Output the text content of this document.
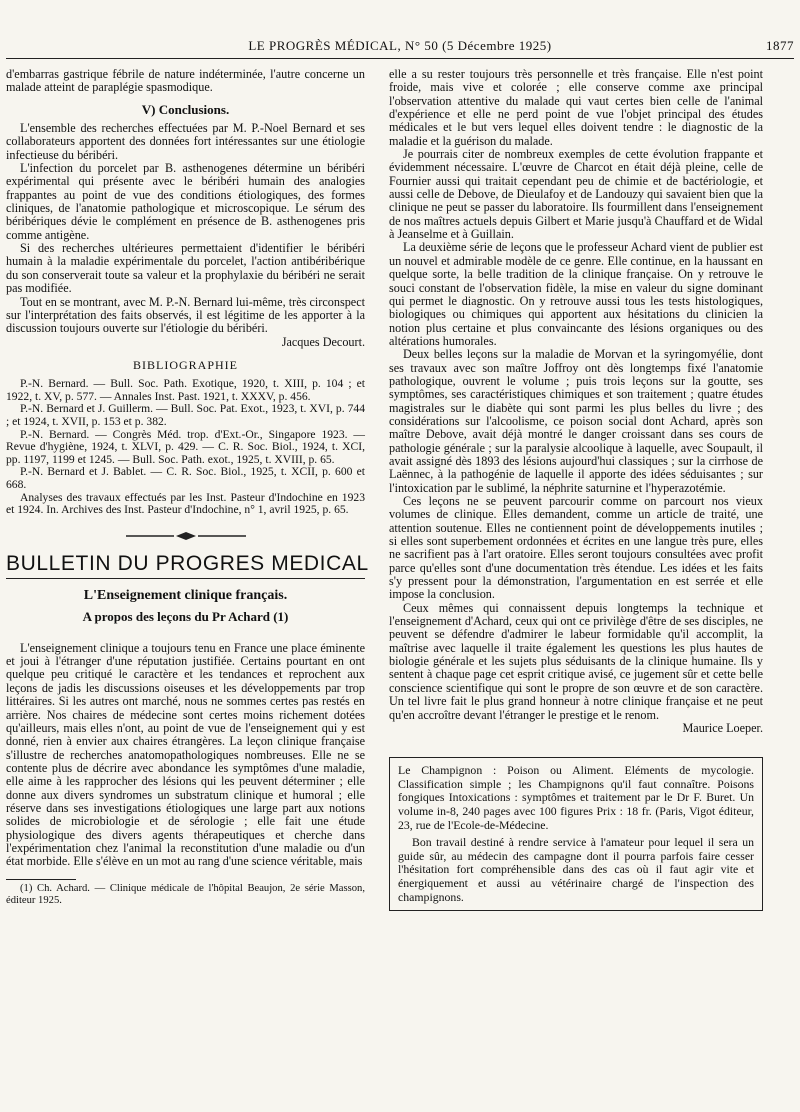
LE PROGRÈS MÉDICAL, N° 50 (5 Décembre 1925)	1877

d'embarras gastrique fébrile de nature indéterminée, l'autre concerne un malade atteint de paraplégie spasmodique.

V) Conclusions.

L'ensemble des recherches effectuées par M. P.-Noel Bernard et ses collaborateurs apportent des données fort intéressantes sur une étiologie infectieuse du béribéri.

L'infection du porcelet par B. asthenogenes détermine un béribéri expérimental qui présente avec le béribéri humain des analogies frappantes au point de vue des conditions étiologiques, des formes cliniques, de l'anatomie pathologique et microscopique. Le sérum des béribériques dévie le complément en présence de B. asthenogenes pris comme antigène.

Si des recherches ultérieures permettaient d'identifier le béribéri humain à la maladie expérimentale du porcelet, l'action antibéribérique du son conserverait toute sa valeur et la prophylaxie du béribéri ne serait pas modifiée.

Tout en se montrant, avec M. P.-N. Bernard lui-même, très circonspect sur l'interprétation des faits observés, il est légitime de les apporter à la discussion toujours ouverte sur l'étiologie du béribéri.

Jacques Decourt.

BIBLIOGRAPHIE

P.-N. Bernard. — Bull. Soc. Path. Exotique, 1920, t. XIII, p. 104 ; et 1922, t. XV, p. 577. — Annales Inst. Past. 1921, t. XXXV, p. 456.

P.-N. Bernard et J. Guillerm. — Bull. Soc. Pat. Exot., 1923, t. XVI, p. 744 ; et 1924, t. XVII, p. 153 et p. 382.

P.-N. Bernard. — Congrès Méd. trop. d'Ext.-Or., Singapore 1923. — Revue d'hygiène, 1924, t. XLVI, p. 429. — C. R. Soc. Biol., 1924, t. XCI, pp. 1197, 1199 et 1245. — Bull. Soc. Path. exot., 1925, t. XVIII, p. 65.

P.-N. Bernard et J. Bablet. — C. R. Soc. Biol., 1925, t. XCII, p. 600 et 668.

Analyses des travaux effectués par les Inst. Pasteur d'Indochine en 1923 et 1924. In. Archives des Inst. Pasteur d'Indochine, n° 1, avril 1925, p. 65.

BULLETIN DU PROGRES MEDICAL
L'Enseignement clinique français.
A propos des leçons du Pr Achard (1)

L'enseignement clinique a toujours tenu en France une place éminente et joui à l'étranger d'une réputation justifiée. Certains pourtant en ont quelque peu critiqué le caractère et les tendances et reprochent aux leçons de jadis les discussions oiseuses et les développements par trop littéraires. Si les autres ont marché, nous ne sommes certes pas restés en arrière. Nos chaires de médecine sont certes moins richement dotées qu'ailleurs, mais elles n'ont, au point de vue de l'enseignement qui y est donné, rien à envier aux chaires étrangères. La leçon clinique française s'illustre de recherches anatomopathologiques nombreuses. Elle ne se contente plus de décrire avec abondance les symptômes d'une maladie, elle aime à les rapprocher des lésions qui les peuvent déterminer ; elle donne aux divers syndromes un substratum clinique et humoral ; elle réserve dans ses investigations étiologiques une large part aux notions solides de microbiologie et de sérologie ; elle fait une étude physiologique des divers agents thérapeutiques et cherche dans l'expérimentation chez l'animal la reconstitution d'une maladie ou d'un état morbide. Elle s'élève en un mot au rang d'une science véritable, mais

(1) Ch. Achard. — Clinique médicale de l'hôpital Beaujon, 2e série Masson, éditeur 1925.

elle a su rester toujours très personnelle et très française. Elle n'est point froide, mais vive et colorée ; elle conserve comme axe principal l'observation attentive du malade qui vaut certes bien celle de l'animal d'expérience et elle ne perd point de vue l'objet principal des études médicales et le but vers lequel elles doivent tendre : le diagnostic de la maladie et la guérison du malade.

Je pourrais citer de nombreux exemples de cette évolution frappante et évidemment nécessaire. L'œuvre de Charcot en était déjà pleine, celle de Fournier aussi qui traitait cependant peu de chimie et de bactériologie, et aussi celle de Debove, de Dieulafoy et de Landouzy qui savaient bien que la clinique ne peut se passer du laboratoire. Ils fourmillent dans l'enseignement de nos maîtres actuels depuis Gilbert et Marie jusqu'à Chauffard et de Widal à Jeanselme et à Guillain.

La deuxième série de leçons que le professeur Achard vient de publier est un nouvel et admirable modèle de ce genre. Elle continue, en la haussant en quelque sorte, la belle tradition de la clinique française. On y retrouve le souci constant de l'observation fidèle, la mise en valeur du signe dominant qui permet le diagnostic. On y retrouve aussi tous les tests histologiques, biologiques ou chimiques qui apportent aux hésitations du clinicien la notion plus certaine et plus convaincante des lésions organiques ou des altérations humorales.

Deux belles leçons sur la maladie de Morvan et la syringomyélie, dont ses travaux avec son maître Joffroy ont dès longtemps fixé l'anatomie pathologique, ouvrent le volume ; puis trois leçons sur la goutte, ses symptômes, ses caractéristiques chimiques et son traitement ; quatre études magistrales sur le diabète qui sont parmi les plus belles du livre ; des considérations sur l'alcoolisme, ce poison social dont Achard, après son maître Debove, avait déjà montré le danger croissant dans ses cours de pathologie générale ; sur la paralysie alcoolique à laquelle, avec Soupault, il avait assigné dès 1893 des lésions aujourd'hui classiques ; sur la cirrhose de Laënnec, à la pathogénie de laquelle il apporte des idées séduisantes ; sur l'intoxication par le sublimé, la néphrite saturnine et l'hyperazotémie.

Ces leçons ne se peuvent parcourir comme on parcourt nos vieux volumes de clinique. Elles demandent, comme un article de traité, une attention soutenue. Elles ne contiennent point de développements inutiles ; si elles sont superbement ordonnées et écrites en une langue très pure, elles ne sacrifient pas à l'art oratoire. Elles seront toujours consultées avec profit parce qu'elles sont d'une documentation très étendue. Les idées et les faits s'y pressent pour la démonstration, l'argumentation en est serrée et elle impose la conclusion.

Ceux mêmes qui connaissent depuis longtemps la technique et l'enseignement d'Achard, ceux qui ont ce privilège d'être de ses disciples, ne peuvent se défendre d'admirer le labeur formidable qu'il accomplit, la maîtrise avec laquelle il traite également les questions les plus hautes de biologie générale et les sujets plus séduisants de la clinique humaine. Ils y sentent à chaque page cet esprit critique avisé, ce jugement sûr et cette belle conscience scientifique qui sont le propre de son œuvre et de son caractère. Un tel livre fait le plus grand honneur à notre clinique française et ne peut qu'en accroître devant l'étranger le prestige et le renom.

Maurice Loeper.

Le Champignon : Poison ou Aliment. Eléments de mycologie. Classification simple ; les Champignons qu'il faut connaître. Poisons fongiques Intoxications : symptômes et traitement par le Dr F. Buret. Un volume in-8, 240 pages avec 100 figures Prix : 18 fr. (Paris, Vigot éditeur, 23, rue de l'Ecole-de-Médecine.

Bon travail destiné à rendre service à l'amateur pour lequel il sera un guide sûr, au médecin des campagne dont il pourra parfois faire cesser l'hésitation fort compréhensible dans des cas où il faut agir vite et énergiquement et aussi au vétérinaire chargé de l'inspection des champignons.
